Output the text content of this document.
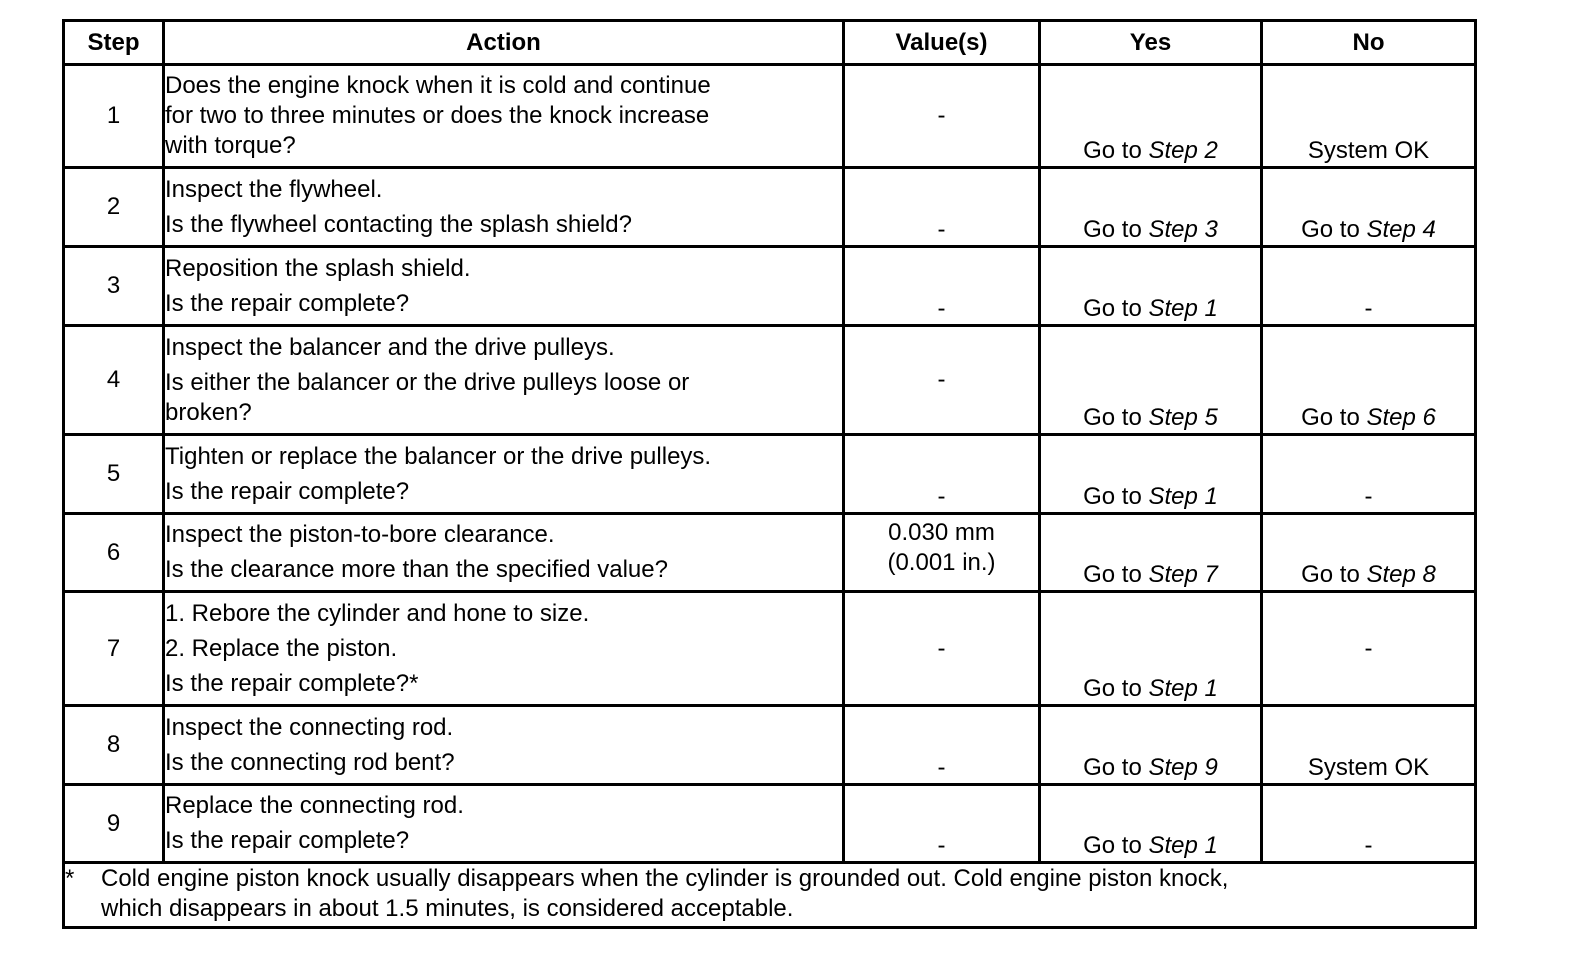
Step	Action	Value(s)	Yes	No
1	Does the engine knock when it is cold and continue
for two to three minutes or does the knock increase
with torque?	-	Go to Step 2	System OK
2	Inspect the flywheel.
Is the flywheel contacting the splash shield?	-	Go to Step 3	Go to Step 4
3	Reposition the splash shield.
Is the repair complete?	-	Go to Step 1	-
4	Inspect the balancer and the drive pulleys.
Is either the balancer or the drive pulleys loose or
broken?	-	Go to Step 5	Go to Step 6
5	Tighten or replace the balancer or the drive pulleys.
Is the repair complete?	-	Go to Step 1	-
6	Inspect the piston-to-bore clearance.
Is the clearance more than the specified value?	0.030 mm
(0.001 in.)	Go to Step 7	Go to Step 8
7	1. Rebore the cylinder and hone to size.
2. Replace the piston.
Is the repair complete?*	-	Go to Step 1	-
8	Inspect the connecting rod.
Is the connecting rod bent?	-	Go to Step 9	System OK
9	Replace the connecting rod.
Is the repair complete?	-	Go to Step 1	-

* Cold engine piston knock usually disappears when the cylinder is grounded out. Cold engine piston knock,
which disappears in about 1.5 minutes, is considered acceptable.				
